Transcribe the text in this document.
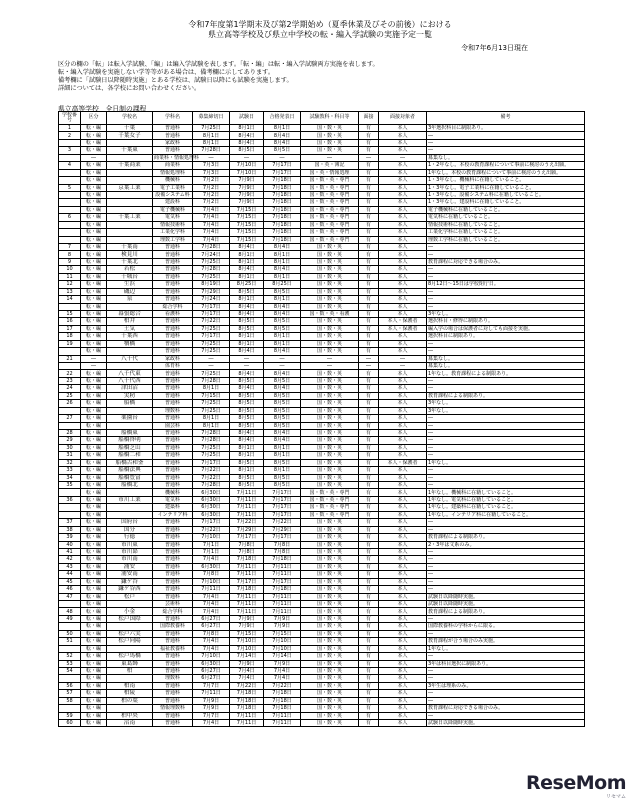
令和7年度第1学期末及び第2学期始め（夏季休業及びその前後）における
県立高等学校及び県立中学校の転・編入学試験の実施予定一覧
令和7年6月13日現在
区分の欄の「転」は転入学試験、「編」は編入学試験を表します。「転・編」は転・編入学試験両方実施を表します。
転・編入学試験を実施しない学等等がある場合は、備考欄に示してあります。
備考欄に「試験日以降随時実施」とある学校は、試験日以降にも試験を実施します。
詳細については、各学校にお問い合わせください。
県立高等学校　全日制の課程
学校番号	区分	学校名	学科名	募集締切日	試験日	合格発表日	試験教科・科目等	面接	面接対象者	備考
1	転・編	千葉	普通科	7月25日	8月1日	8月1日	国・数・英	有	本人	3年選択科目に制限あり。
2	転・編	千葉女子	普通科	8月1日	8月4日	8月4日	国・数・英	有	本人	―
	転・編		家政科	8月1日	8月4日	8月4日	国・数・英	有	本人	―
3	転・編	千葉東	普通科	7月28日	8月5日	8月5日	国・数・英	有	本人	―
	―		商業科・情報処理科	―	―	―	―	―	―	募集なし。
4	転・編	千葉商業	商業科	7月3日	7月10日	7月17日	国・英・簿記	有	本人	1・2年なし。本校の教育課程について事前に検討のうえ出願。
	転・編		情報処理科	7月3日	7月10日	7月17日	国・英・情報処理	有	本人	1年なし。本校の教育課程について事前に検討のうえ出願。
	転・編		機械科	7月2日	7月9日	7月18日	国・数・英・専門	有	本人	1・3年なし。機械科に在籍していること。
5	転・編	京葉工業	電子工業科	7月2日	7月9日	7月18日	国・数・英・専門	有	本人	1・3年なし。電子工業科に在籍していること。
	転・編		設備システム科	7月2日	7月9日	7月18日	国・数・英・専門	有	本人	1・3年なし。設備システム科に在籍していること。
	転・編		建設科	7月2日	7月9日	7月18日	国・数・英・専門	有	本人	1・3年なし。建設科に在籍していること。
	転・編		電子機械科	7月4日	7月15日	7月18日	国・数・英・専門	有	本人	電子機械科に在籍していること。
6	転・編	千葉工業	電気科	7月4日	7月15日	7月18日	国・数・英・専門	有	本人	電気科に在籍していること。
	転・編		情報技術科	7月4日	7月15日	7月18日	国・数・英・専門	有	本人	情報技術科に在籍していること。
	転・編		工業化学科	7月4日	7月15日	7月18日	国・数・英・専門	有	本人	工業化学科に在籍していること。
	転・編		理数工学科	7月4日	7月15日	7月18日	国・数・英・専門	有	本人	理数工学科に在籍していること。
7	転・編	千葉南	普通科	7月28日	8月4日	8月4日	国・数・英	有	本人	―
8	転・編	検見川	普通科	7月24日	8月1日	8月1日	国・数・英	有	本人	―
9	転・編	千葉北	普通科	7月25日	8月1日	8月1日	国・数・英	有	本人	教育課程に対応できる場合のみ。
10	転・編	若松	普通科	7月28日	8月4日	8月4日	国・数・英	有	本人	―
11	転・編	千城台	普通科	7月25日	8月1日	8月1日	国・数・英	有	本人	―
12	転・編	生浜	普通科	8月19日	8月25日	8月25日	国・数・英	有	本人	8月12日～15日は学校閉庁日。
13	転・編	磯辺	普通科	7月29日	8月5日	8月5日	国・数・英	有	本人	―
14	転・編	泉	普通科	7月24日	8月1日	8月1日	国・数・英	有	本人	―
	転・編		総合学科	7月17日	8月4日	8月4日	国・数・英	有	本人	―
15	転・編	幕張総合	看護科	7月17日	8月4日	8月4日	国・数・英・看護	有	本人	3年なし。
16	転・編	柏井	普通科	7月22日	8月5日	8月5日	国・数・英	有	本人・保護者	選択科目・修得に制限あり。
17	転・編	土気	普通科	7月25日	8月5日	8月5日	国・数・英	有	本人・保護者	編入学の場合は保護者に対しても面接を実施。
18	転・編	千葉西	普通科	7月17日	8月1日	8月1日	国・数・英	有	本人	選択科目に制限あり。
19	転・編	犢橋	普通科	7月25日	8月1日	8月1日	国・数・英	有	本人	―
	転・編		普通科	7月25日	8月4日	8月4日	国・数・英	有	本人	―
21	―	八千代	家政科	―	―	―	―	―	―	募集なし。
	―		体育科	―	―	―	―	―	―	募集なし。
22	転・編	八千代東	普通科	7月25日	8月4日	8月4日	国・数・英	有	本人	1年なし。教育課程による制限あり。
23	転・編	八千代西	普通科	7月28日	8月5日	8月5日	国・数・英	有	本人	―
24	転・編	津田沼	普通科	8月1日	8月4日	8月4日	国・数・英	有	本人	―
25	転・編	実籾	普通科	7月15日	8月5日	8月5日	国・数・英	有	本人	教育課程による制限あり。
26	転・編	船橋	普通科	7月25日	8月5日	8月5日	国・数・英	有	本人	3年なし。
	転・編		理数科	7月25日	8月5日	8月5日	国・数・英	有	本人	3年なし。
27	転・編	薬園台	普通科	8月1日	8月5日	8月5日	国・数・英	有	本人	―
	転・編		園芸科	8月1日	8月5日	8月5日	国・数・英	有	本人	―
28	転・編	船橋東	普通科	7月28日	8月4日	8月4日	国・数・英	有	本人	―
29	転・編	船橋啓明	普通科	7月28日	8月4日	8月4日	国・数・英	有	本人	―
30	転・編	船橋芝山	普通科	7月25日	8月1日	8月1日	国・数・英	有	本人	―
31	転・編	船橋二和	普通科	7月25日	8月1日	8月1日	国・数・英	有	本人	―
32	転・編	船橋古和釜	普通科	7月17日	8月5日	8月5日	国・数・英	有	本人・保護者	1年なし。
33	転・編	船橋法典	普通科	7月22日	8月1日	8月1日	国・数・英	有	本人	―
34	転・編	船橋豊富	普通科	7月22日	8月5日	8月5日	国・数・英	有	本人	―
35	転・編	船橋北	普通科	7月28日	8月5日	8月5日	国・数・英	有	本人	―
	転・編		機械科	6月30日	7月11日	7月17日	国・数・英・専門	有	本人	1年なし。機械科に在籍していること。
36	転・編	市川工業	電気科	6月30日	7月11日	7月17日	国・数・英・専門	有	本人	1年なし。電気科に在籍していること。
	転・編		建築科	6月30日	7月11日	7月17日	国・数・英・専門	有	本人	1年なし。建築科に在籍していること。
	転・編		インテリア科	6月30日	7月11日	7月17日	国・数・英・専門	有	本人	1年なし。インテリア科に在籍していること。
37	転・編	国府台	普通科	7月17日	7月22日	7月22日	国・数・英	有	本人	―
38	転・編	国分	普通科	7月22日	7月29日	7月29日	国・数・英	有	本人	―
39	転・編	行徳	普通科	7月10日	7月17日	7月17日	国・数・英	有	本人	教育課程による制限あり。
40	転・編	市川東	普通科	7月1日	7月8日	7月8日	国・数・英	有	本人	2・3年は文系のみ。
41	転・編	市川昴	普通科	7月1日	7月8日	7月8日	国・数・英	有	本人	―
42	転・編	市川南	普通科	7月4日	7月18日	7月18日	国・数・英	有	本人	―
43	転・編	浦安	普通科	6月30日	7月11日	7月11日	国・数・英	有	本人	―
44	転・編	浦安南	普通科	7月8日	7月11日	7月11日	国・数・英	有	本人	―
45	転・編	鎌ケ谷	普通科	7月10日	7月17日	7月17日	国・数・英	有	本人	―
46	転・編	鎌ケ谷西	普通科	7月11日	7月18日	7月18日	国・数・英	有	本人	―
47	転・編	松戸	普通科	7月4日	7月11日	7月11日	国・数・英	有	本人	試験日以降随時実施。
	転・編		芸術科	7月4日	7月11日	7月11日	国・数・英	有	本人	試験日以降随時実施。
48	転・編	小金	総合学科	7月4日	7月11日	7月11日	国・数・英	有	本人	教育課程による制限あり。
49	転・編	松戸国際	普通科	6月27日	7月9日	7月9日	国・数・英	有	本人	―
	転・編		国際教養科	6月27日	7月9日	7月9日	国・数・英	有	本人	国際教養科の学科からに限る。
50	転・編	松戸六実	普通科	7月8日	7月15日	7月15日	国・数・英	有	本人	―
51	転・編	松戸向陽	普通科	7月4日	7月10日	7月10日	国・数・英	有	本人	教育課程が合う場合のみ実施。
	転・編		福祉教養科	7月4日	7月10日	7月10日	国・数・英	有	本人	1年なし。
52	転・編	松戸馬橋	普通科	7月10日	7月14日	7月14日	国・数・英	有	本人	―
53	転・編	東葛飾	普通科	6月30日	7月9日	7月9日	国・数・英	有	本人	3年は科目選択に制限あり。
54	転・編	柏	普通科	6月27日	7月4日	7月4日	国・数・英	有	本人	―
	転・編		理数科	6月27日	7月4日	7月4日	国・数・英	有	本人	―
56	転・編	柏南	普通科	7月7日	7月22日	7月22日	国・数・英	有	本人	3年生は理系のみ。
57	転・編	柏陵	普通科	7月11日	7月18日	7月18日	国・数・英	有	本人	―
58	転・編	柏の葉	普通科	7月9日	7月18日	7月18日	国・数・英	有	本人	―
	転・編		情報理数科	7月9日	7月18日	7月18日	国・数・英	有	本人	教育課程に対応できる場合のみ。
59	転・編	柏中央	普通科	7月7日	7月11日	7月11日	国・数・英	有	本人	―
60	転・編	沼南	普通科	7月4日	7月11日	7月11日	国・数・英	有	本人	試験日以降随時実施。
ReseMom
リセマム
